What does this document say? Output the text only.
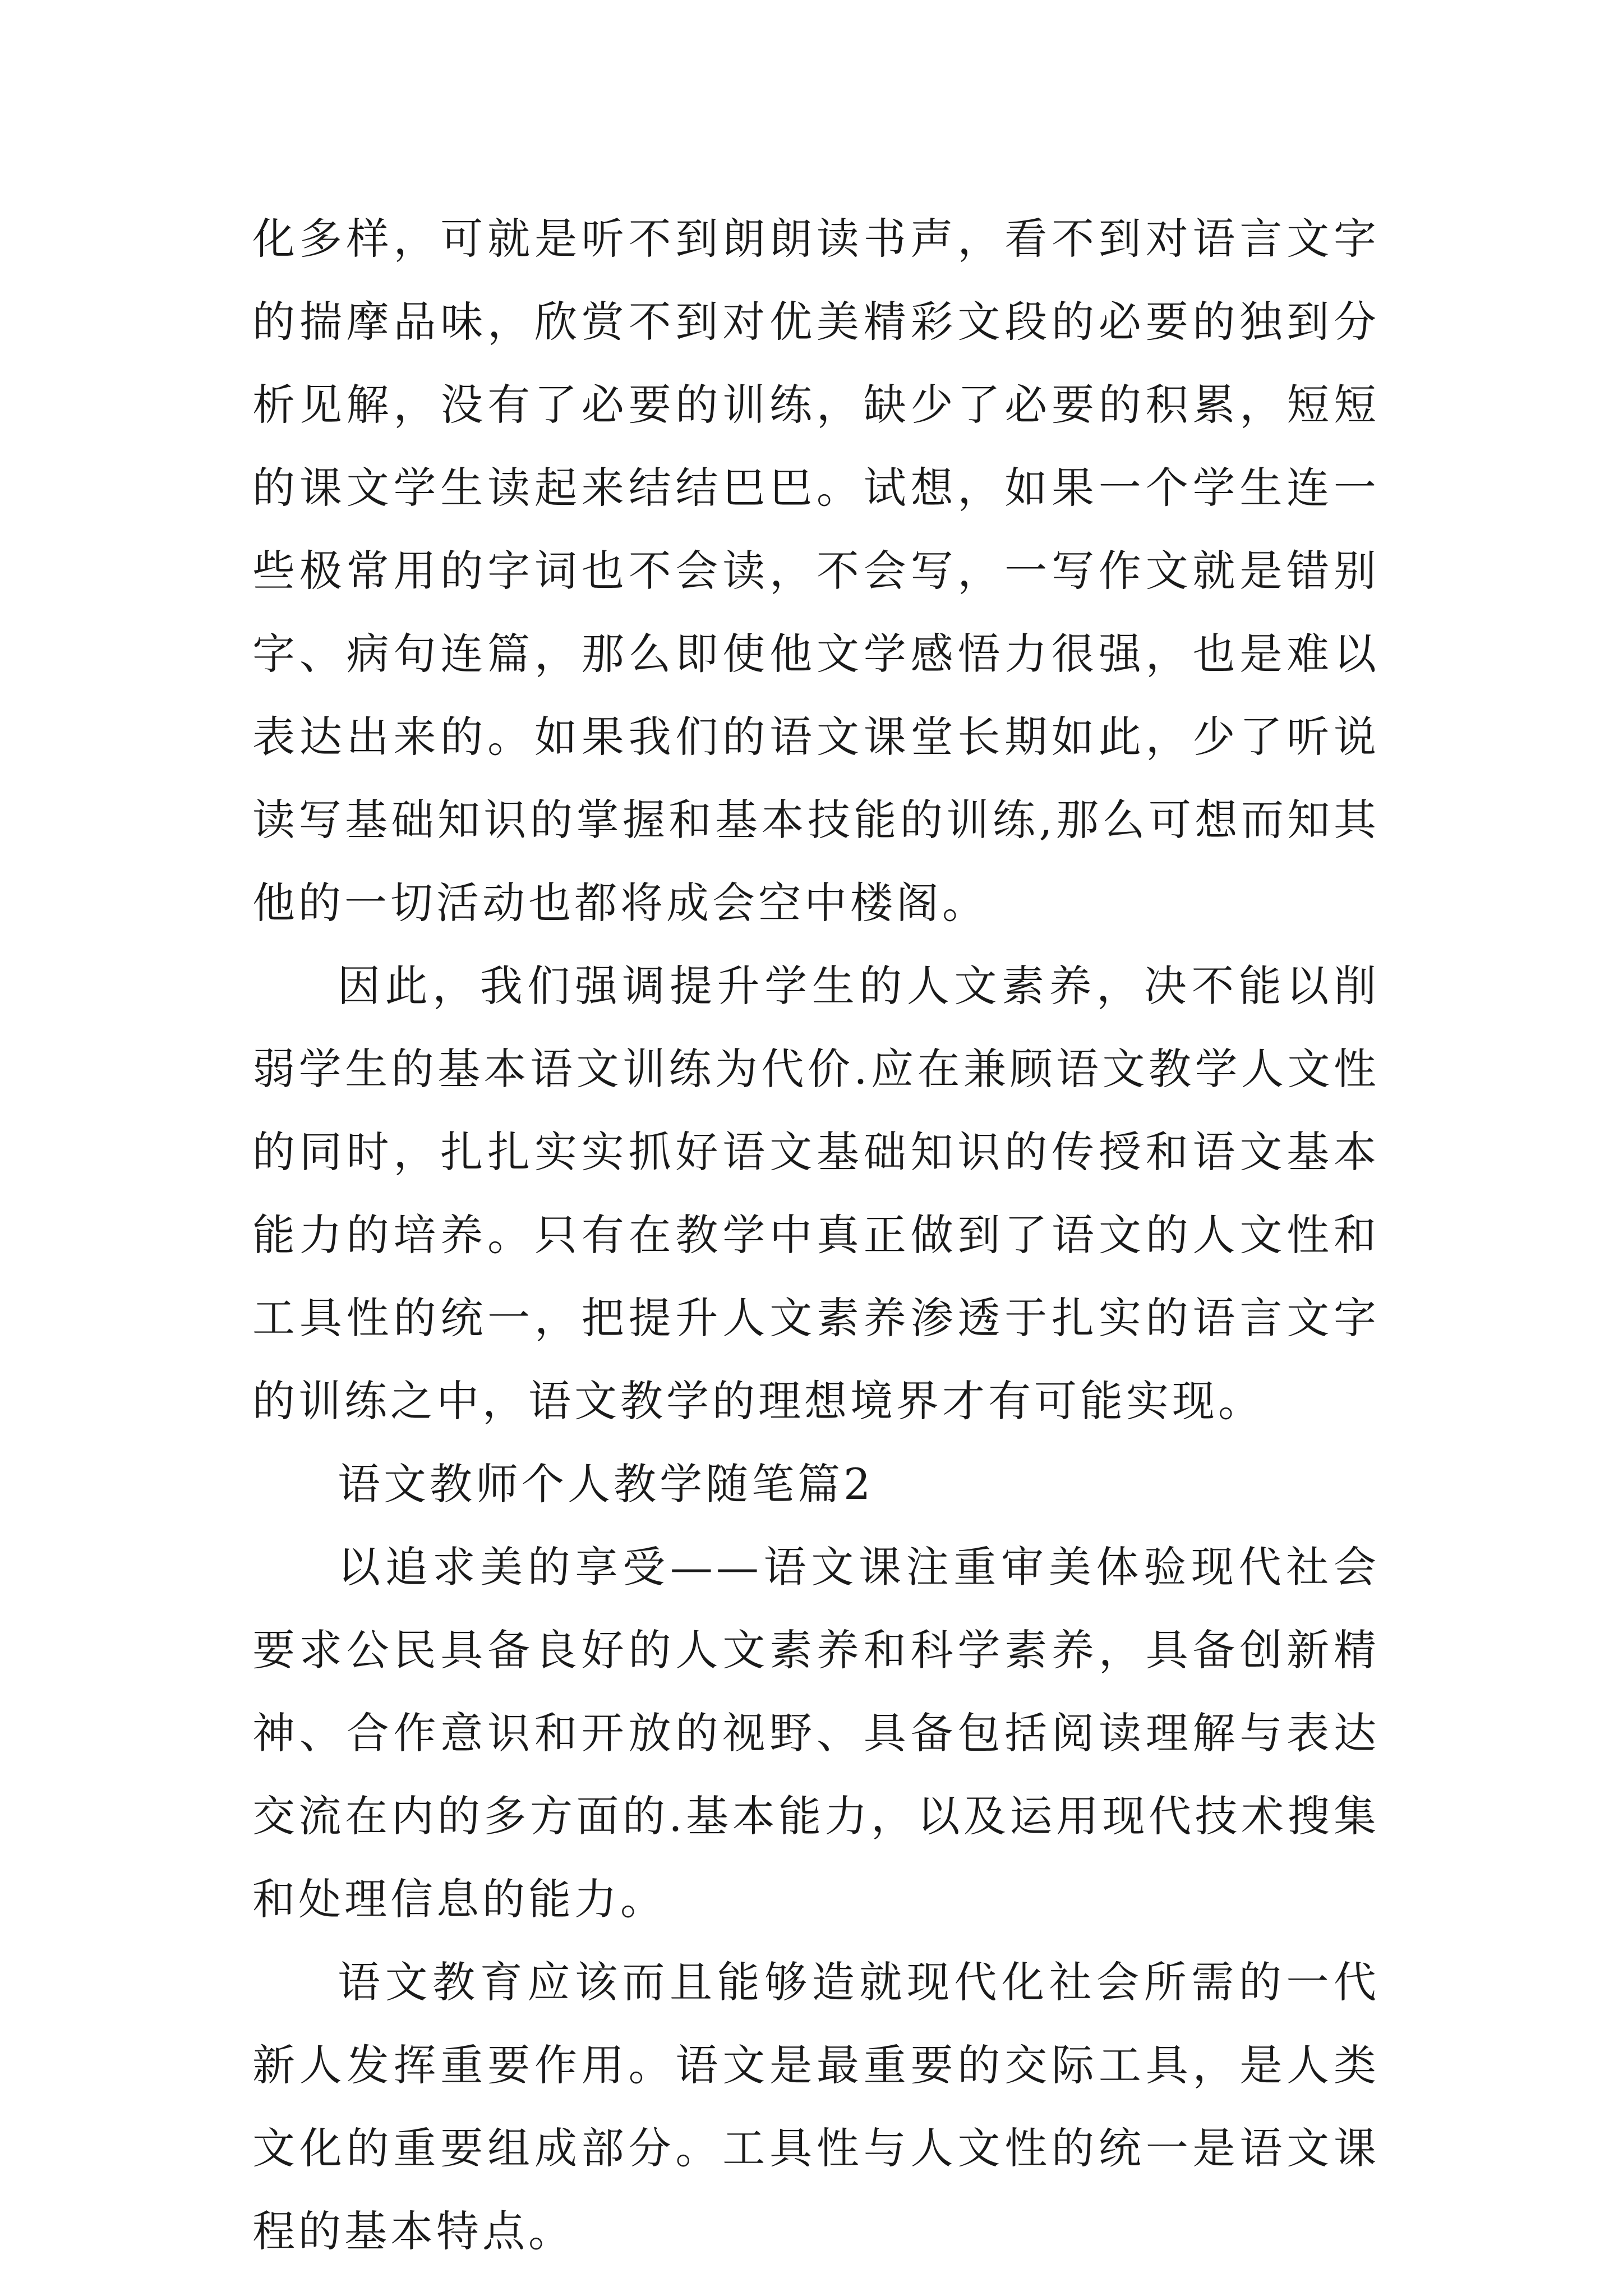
化多样，可就是听不到朗朗读书声，看不到对语言文字的揣摩品味，欣赏不到对优美精彩文段的必要的独到分析见解，没有了必要的训练，缺少了必要的积累，短短的课文学生读起来结结巴巴。试想，如果一个学生连一些极常用的字词也不会读，不会写，一写作文就是错别字、病句连篇，那么即使他文学感悟力很强，也是难以表达出来的。如果我们的语文课堂长期如此，少了听说读写基础知识的掌握和基本技能的训练,那么可想而知其他的一切活动也都将成会空中楼阁。

因此，我们强调提升学生的人文素养，决不能以削弱学生的基本语文训练为代价.应在兼顾语文教学人文性的同时，扎扎实实抓好语文基础知识的传授和语文基本能力的培养。只有在教学中真正做到了语文的人文性和工具性的统一，把提升人文素养渗透于扎实的语言文字的训练之中，语文教学的理想境界才有可能实现。

语文教师个人教学随笔篇2

以追求美的享受——语文课注重审美体验现代社会要求公民具备良好的人文素养和科学素养，具备创新精神、合作意识和开放的视野、具备包括阅读理解与表达交流在内的多方面的.基本能力，以及运用现代技术搜集和处理信息的能力。

语文教育应该而且能够造就现代化社会所需的一代新人发挥重要作用。语文是最重要的交际工具，是人类文化的重要组成部分。工具性与人文性的统一是语文课程的基本特点。
